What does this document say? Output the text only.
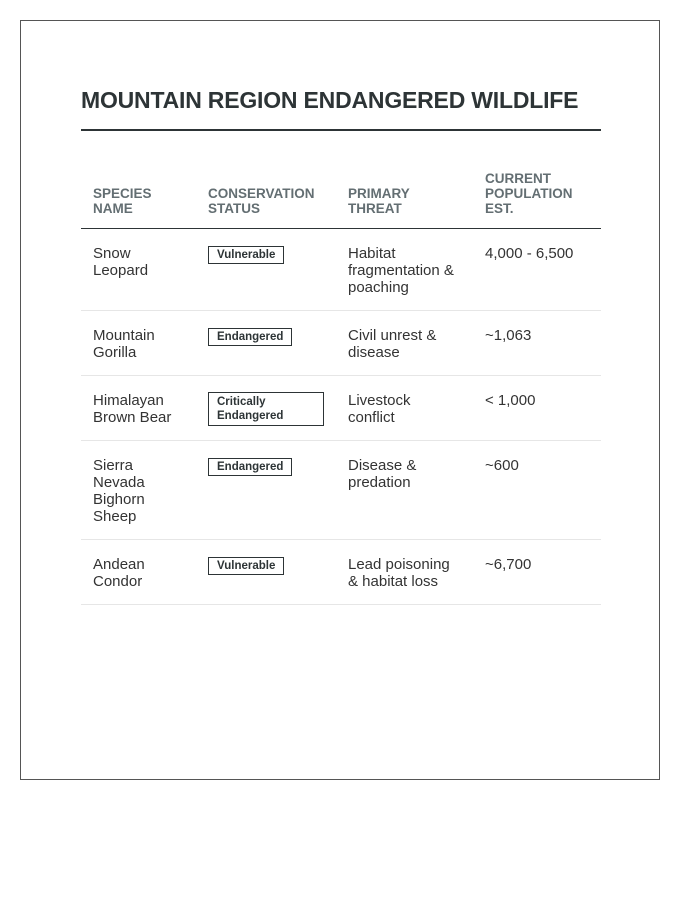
MOUNTAIN REGION ENDANGERED WILDLIFE
SPECIES NAME	CONSERVATION STATUS	PRIMARY THREAT	CURRENT POPULATION EST.
Snow Leopard	Vulnerable	Habitat fragmentation & poaching	4,000 - 6,500
Mountain Gorilla	Endangered	Civil unrest & disease	~1,063
Himalayan Brown Bear	Critically Endangered	Livestock conflict	< 1,000
Sierra Nevada Bighorn Sheep	Endangered	Disease & predation	~600
Andean Condor	Vulnerable	Lead poisoning & habitat loss	~6,700
